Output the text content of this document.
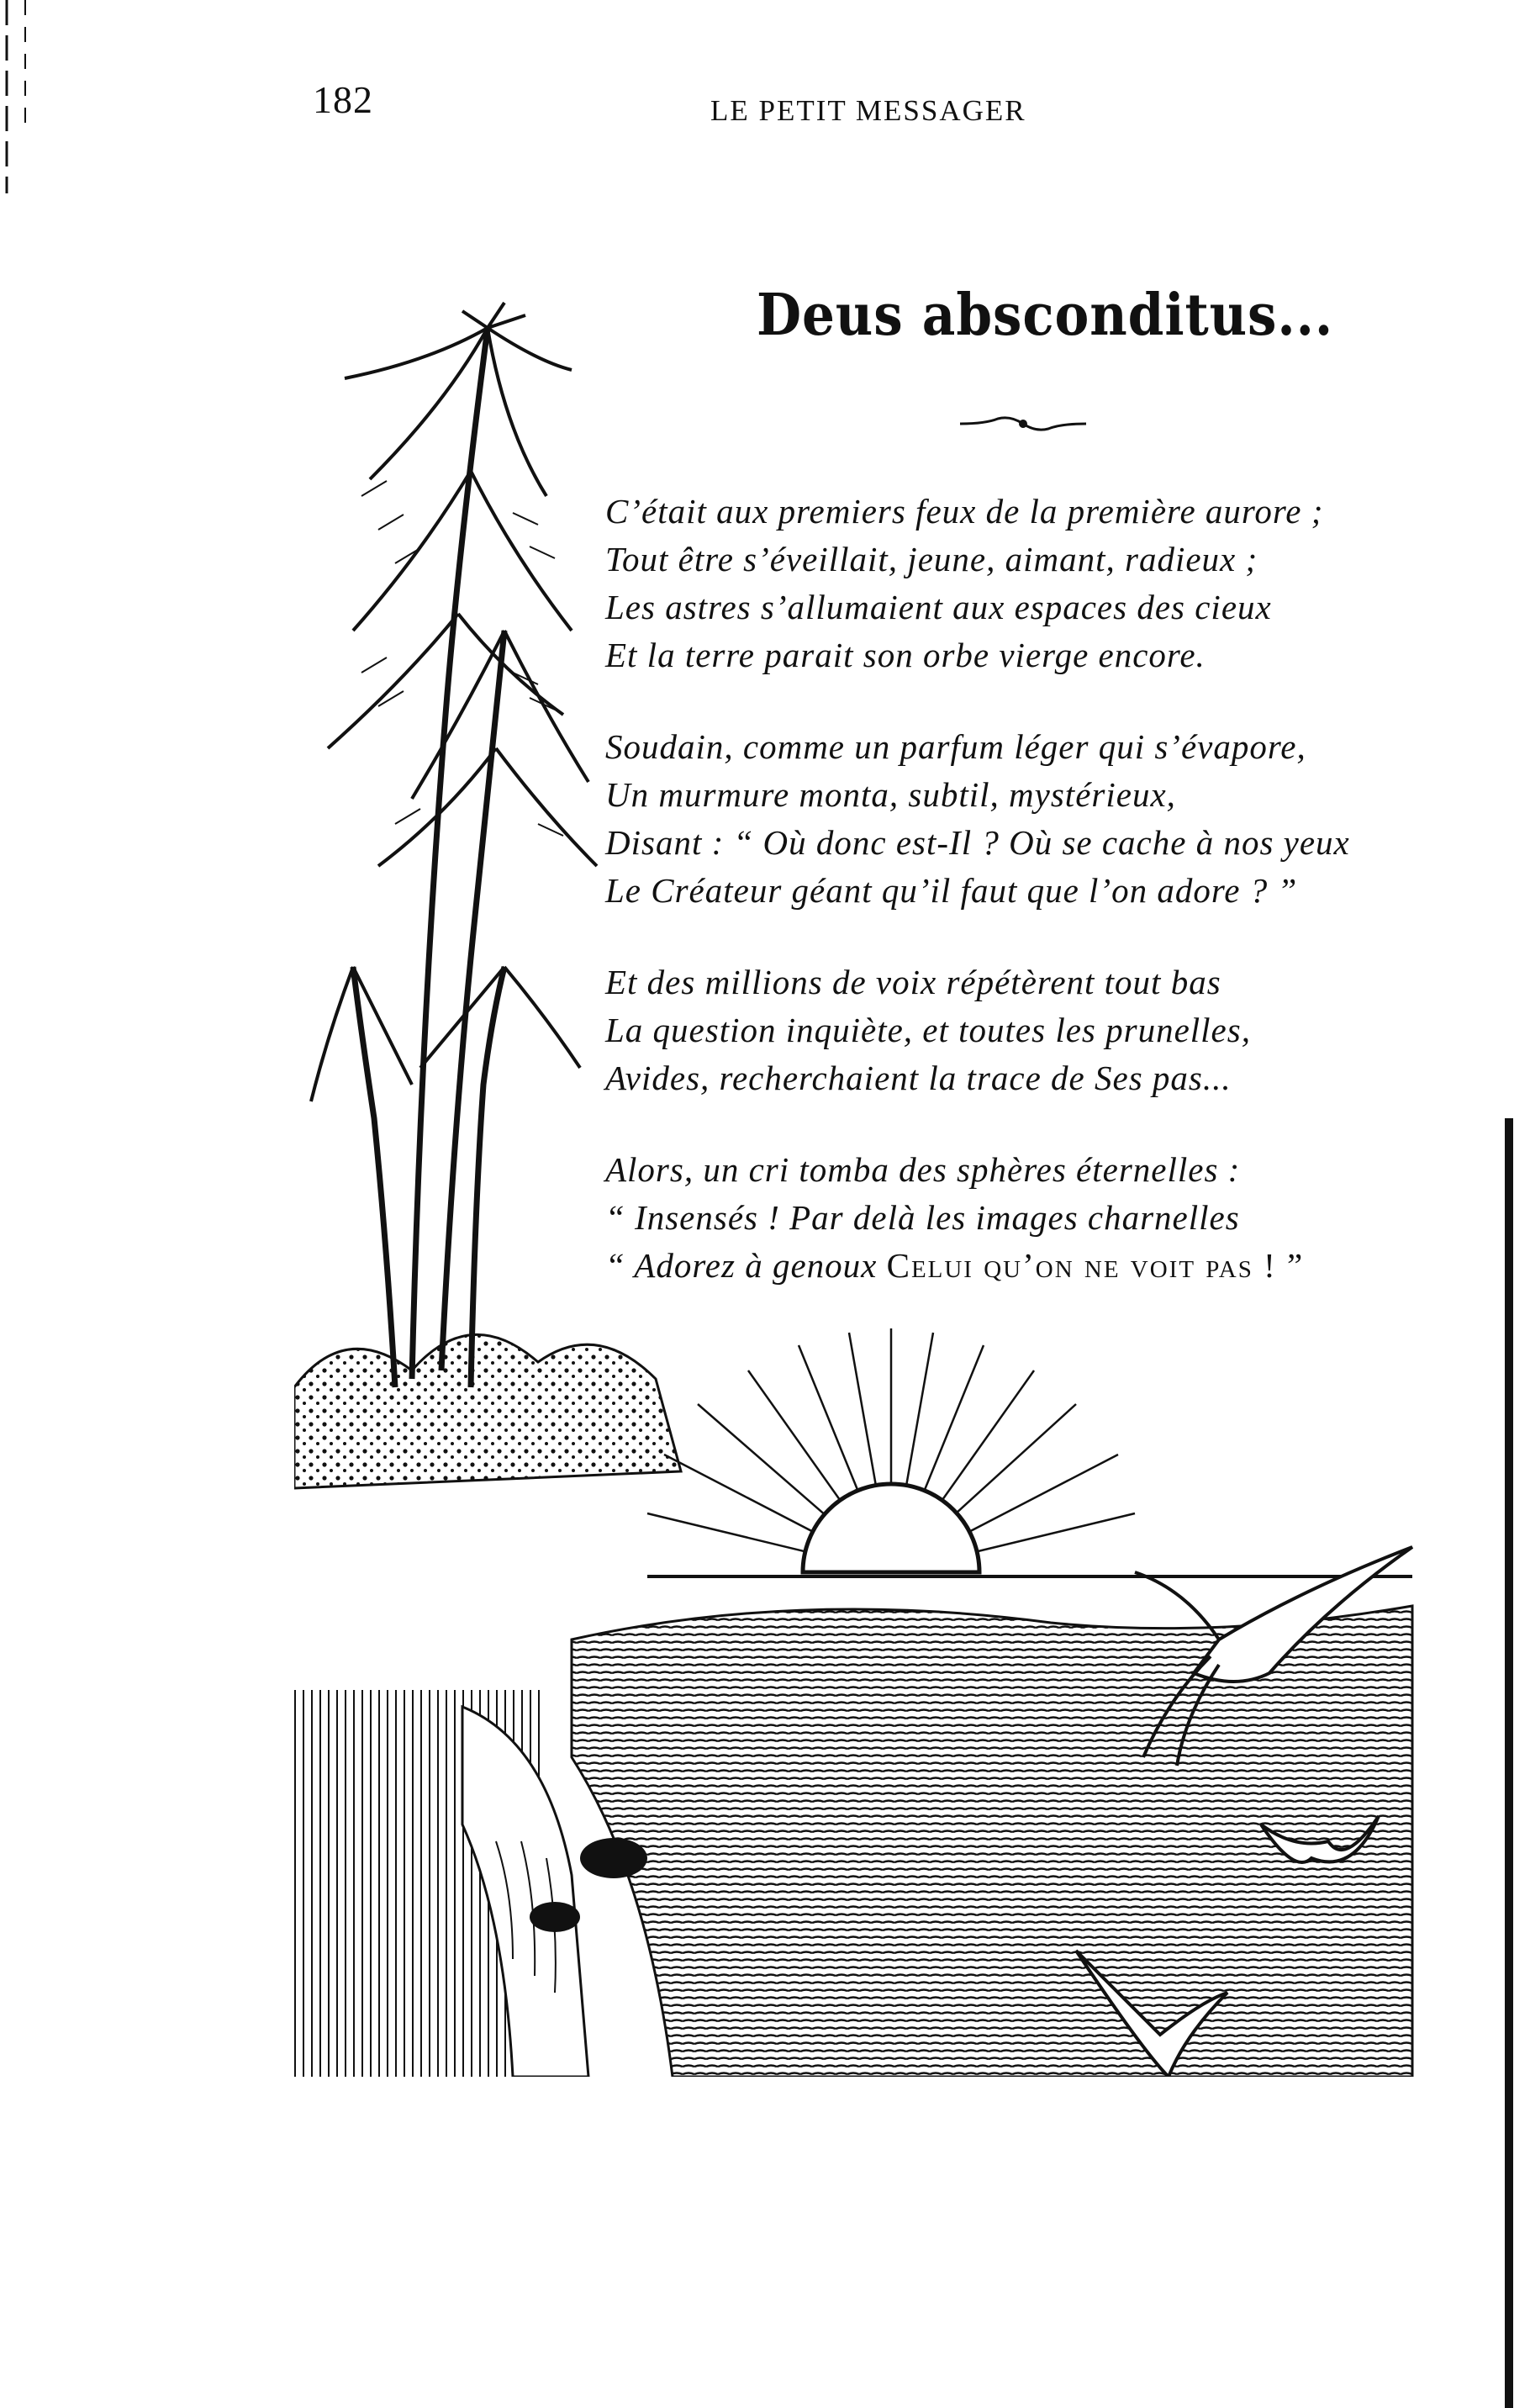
182	LE PETIT MESSAGER
Deus absconditus...
C’était aux premiers feux de la première aurore ;
Tout être s’éveillait, jeune, aimant, radieux ;
Les astres s’allumaient aux espaces des cieux
Et la terre parait son orbe vierge encore.
Soudain, comme un parfum léger qui s’évapore,
Un murmure monta, subtil, mystérieux,
Disant : “ Où donc est-Il ? Où se cache à nos yeux
Le Créateur géant qu’il faut que l’on adore ? ”
Et des millions de voix répétèrent tout bas
La question inquiète, et toutes les prunelles,
Avides, recherchaient la trace de Ses pas...
Alors, un cri tomba des sphères éternelles :
“ Insensés ! Par delà les images charnelles
“ Adorez à genoux Celui qu’on ne voit pas ! ”
